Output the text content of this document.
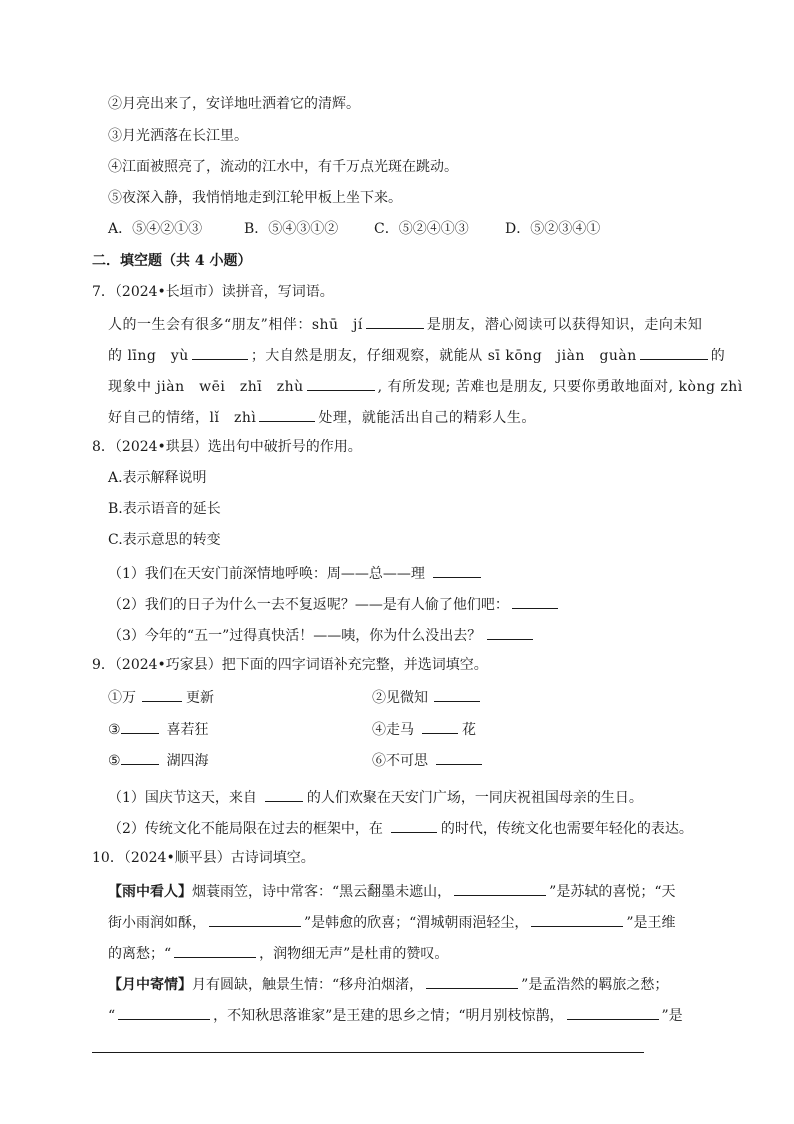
②月亮出来了，安详地吐洒着它的清辉。
③月光洒落在长江里。
④江面被照亮了，流动的江水中，有千万点光斑在跳动。
⑤夜深入静，我悄悄地走到江轮甲板上坐下来。
A．⑤④②①③	B．⑤④③①②	C．⑤②④①③	D．⑤②③④①
二．填空题（共 4 小题）
7．（2024•长垣市）读拼音，写词语。
人的一生会有很多“朋友”相伴：shū　jí	是朋友，潜心阅读可以获得知识，走向未知
的 līng　yù	；大自然是朋友，仔细观察，就能从 sī kōng　jiàn　guàn	的
现象中 jiàn　wēi　zhī　zhù	, 有所发现; 苦难也是朋友, 只要你勇敢地面对, kòng zhì
好自己的情绪，lǐ　zhì	处理，就能活出自己的精彩人生。
8．（2024•珙县）选出句中破折号的作用。
A.表示解释说明
B.表示语音的延长
C.表示意思的转变
（1）我们在天安门前深情地呼唤：周——总——理
（2）我们的日子为什么一去不复返呢？——是有人偷了他们吧：
（3）今年的“五一”过得真快活！——咦，你为什么没出去？
9．（2024•巧家县）把下面的四字词语补充完整，并选词填空。
①万	更新	②见微知
③	喜若狂	④走马	花
⑤	湖四海	⑥不可思
（1）国庆节这天，来自	的人们欢聚在天安门广场，一同庆祝祖国母亲的生日。
（2）传统文化不能局限在过去的框架中，在	的时代，传统文化也需要年轻化的表达。
10．（2024•顺平县）古诗词填空。
【雨中看人】烟蓑雨笠，诗中常客：“黑云翻墨未遮山，	”是苏轼的喜悦；“天
街小雨润如酥，	”是韩愈的欣喜；“渭城朝雨浥轻尘，	”是王维
的离愁；“	，润物细无声”是杜甫的赞叹。
【月中寄情】月有圆缺，触景生情：“移舟泊烟渚，	”是孟浩然的羁旅之愁；
“	，不知秋思落谁家”是王建的思乡之情；“明月别枝惊鹊，	”是
